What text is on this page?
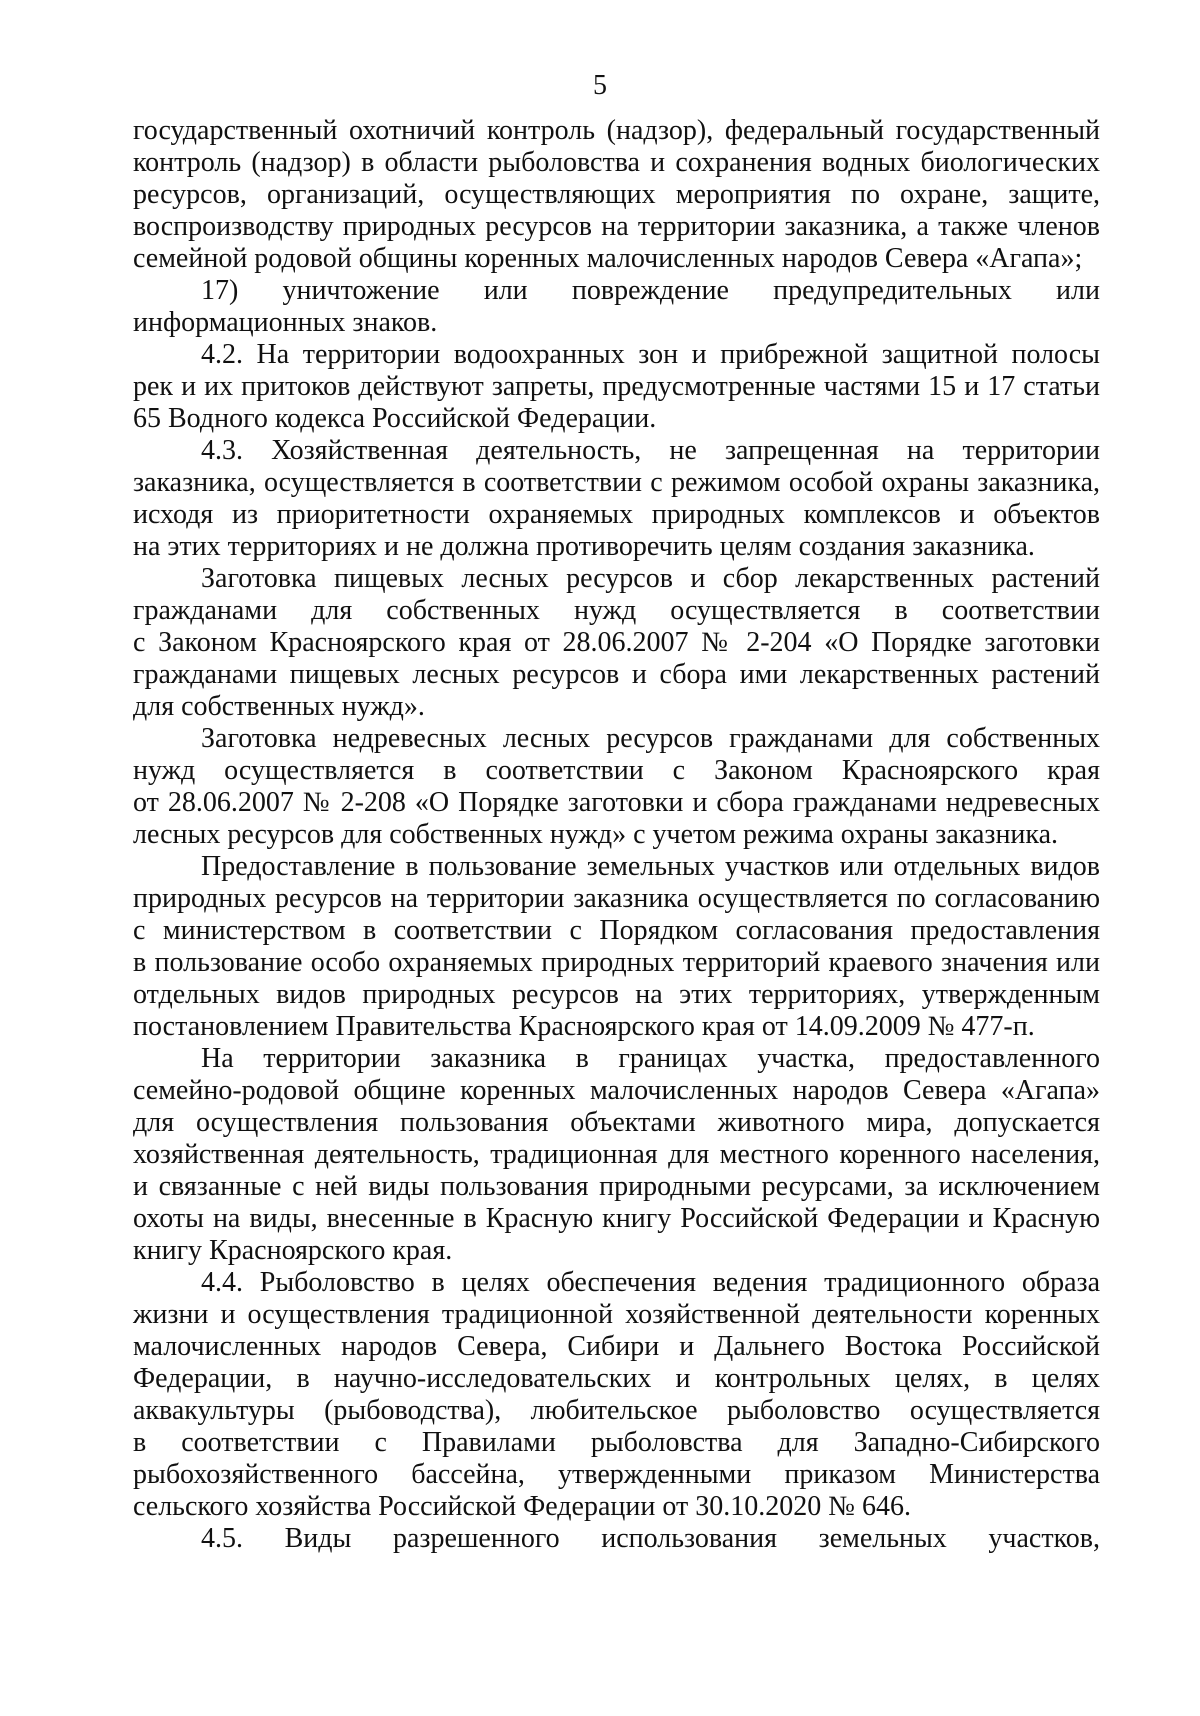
5
государственный охотничий контроль (надзор), федеральный государственный
контроль (надзор) в области рыболовства и сохранения водных биологических
ресурсов, организаций, осуществляющих мероприятия по охране, защите,
воспроизводству природных ресурсов на территории заказника, а также членов
семейной родовой общины коренных малочисленных народов Севера «Агапа»;
17) уничтожение или повреждение предупредительных или
информационных знаков.
4.2. На территории водоохранных зон и прибрежной защитной полосы
рек и их притоков действуют запреты, предусмотренные частями 15 и 17 статьи
65 Водного кодекса Российской Федерации.
4.3. Хозяйственная деятельность, не запрещенная на территории
заказника, осуществляется в соответствии с режимом особой охраны заказника,
исходя из приоритетности охраняемых природных комплексов и объектов
на этих территориях и не должна противоречить целям создания заказника.
Заготовка пищевых лесных ресурсов и сбор лекарственных растений
гражданами для собственных нужд осуществляется в соответствии
с Законом Красноярского края от 28.06.2007 № 2-204 «О Порядке заготовки
гражданами пищевых лесных ресурсов и сбора ими лекарственных растений
для собственных нужд».
Заготовка недревесных лесных ресурсов гражданами для собственных
нужд осуществляется в соответствии с Законом Красноярского края
от 28.06.2007 № 2-208 «О Порядке заготовки и сбора гражданами недревесных
лесных ресурсов для собственных нужд» с учетом режима охраны заказника.
Предоставление в пользование земельных участков или отдельных видов
природных ресурсов на территории заказника осуществляется по согласованию
с министерством в соответствии с Порядком согласования предоставления
в пользование особо охраняемых природных территорий краевого значения или
отдельных видов природных ресурсов на этих территориях, утвержденным
постановлением Правительства Красноярского края от 14.09.2009 № 477-п.
На территории заказника в границах участка, предоставленного
семейно-родовой общине коренных малочисленных народов Севера «Агапа»
для осуществления пользования объектами животного мира, допускается
хозяйственная деятельность, традиционная для местного коренного населения,
и связанные с ней виды пользования природными ресурсами, за исключением
охоты на виды, внесенные в Красную книгу Российской Федерации и Красную
книгу Красноярского края.
4.4. Рыболовство в целях обеспечения ведения традиционного образа
жизни и осуществления традиционной хозяйственной деятельности коренных
малочисленных народов Севера, Сибири и Дальнего Востока Российской
Федерации, в научно-исследовательских и контрольных целях, в целях
аквакультуры (рыбоводства), любительское рыболовство осуществляется
в соответствии с Правилами рыболовства для Западно-Сибирского
рыбохозяйственного бассейна, утвержденными приказом Министерства
сельского хозяйства Российской Федерации от 30.10.2020 № 646.
4.5. Виды разрешенного использования земельных участков,
